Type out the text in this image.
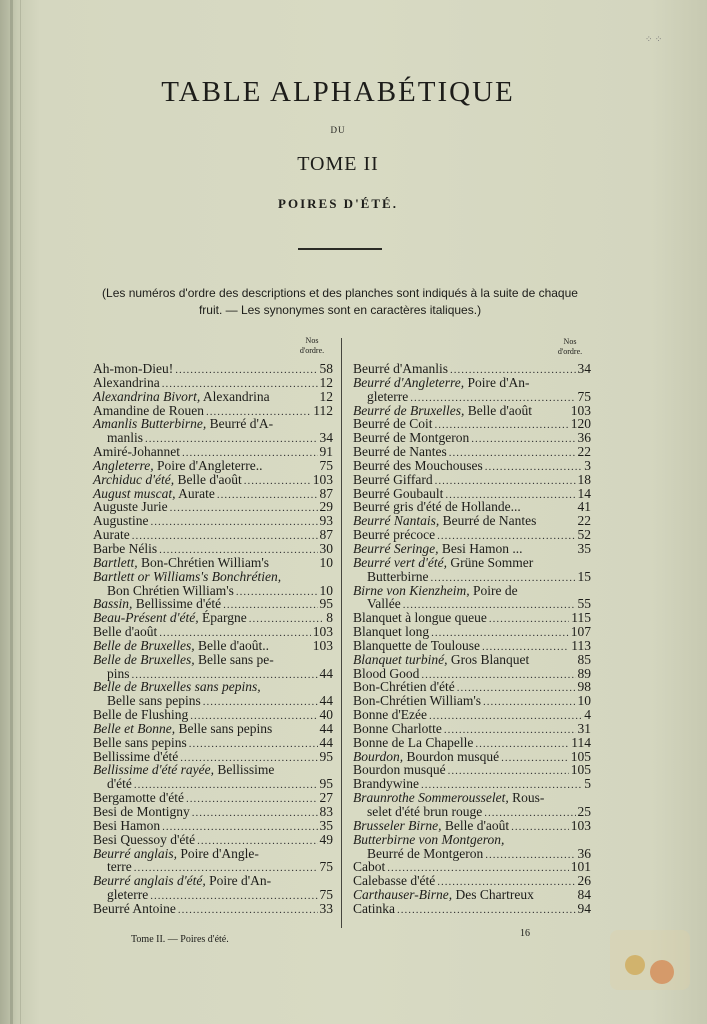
⁘ ⁘
TABLE ALPHABÉTIQUE
DU
TOME II
POIRES D'ÉTÉ.
(Les numéros d'ordre des descriptions et des planches sont indiqués à la suite de chaque fruit. — Les synonymes sont en caractères italiques.)
Nos
d'ordre.
Nos
d'ordre.
Ah-mon-Dieu! .....	58
Alexandrina .....	12
Alexandrina Bivort, Alexandrina	12
Amandine de Rouen .....	112
Amanlis Butterbirne, Beurré d'A-
manlis .....	34
Amiré-Johannet .....	91
Angleterre, Poire d'Angleterre..	75
Archiduc d'été, Belle d'août .....	103
August muscat, Aurate .....	87
Auguste Jurie .....	29
Augustine .....	93
Aurate .....	87
Barbe Nélis .....	30
Bartlett, Bon-Chrétien William's	10
Bartlett or Williams's Bonchrétien,
Bon Chrétien William's .....	10
Bassin, Bellissime d'été .....	95
Beau-Présent d'été, Épargne .....	8
Belle d'août .....	103
Belle de Bruxelles, Belle d'août..	103
Belle de Bruxelles, Belle sans pe-
pins .....	44
Belle de Bruxelles sans pepins,
Belle sans pepins .....	44
Belle de Flushing .....	40
Belle et Bonne, Belle sans pepins	44
Belle sans pepins .....	44
Bellissime d'été .....	95
Bellissime d'été rayée, Bellissime
d'été .....	95
Bergamotte d'été .....	27
Besi de Montigny .....	83
Besi Hamon .....	35
Besi Quessoy d'été .....	49
Beurré anglais, Poire d'Angle-
terre .....	75
Beurré anglais d'été, Poire d'An-
gleterre .....	75
Beurré Antoine .....	33
Beurré d'Amanlis .....	34
Beurré d'Angleterre, Poire d'An-
gleterre .....	75
Beurré de Bruxelles, Belle d'août	103
Beurré de Coit .....	120
Beurré de Montgeron .....	36
Beurré de Nantes .....	22
Beurré des Mouchouses .....	3
Beurré Giffard .....	18
Beurré Goubault .....	14
Beurré gris d'été de Hollande...	41
Beurré Nantais, Beurré de Nantes	22
Beurré précoce .....	52
Beurré Seringe, Besi Hamon ...	35
Beurré vert d'été, Grüne Sommer
Butterbirne .....	15
Birne von Kienzheim, Poire de
Vallée .....	55
Blanquet à longue queue .....	115
Blanquet long .....	107
Blanquette de Toulouse .....	113
Blanquet turbiné, Gros Blanquet	85
Blood Good .....	89
Bon-Chrétien d'été .....	98
Bon-Chrétien William's .....	10
Bonne d'Ezée .....	4
Bonne Charlotte .....	31
Bonne de La Chapelle .....	114
Bourdon, Bourdon musqué .....	105
Bourdon musqué .....	105
Brandywine .....	5
Braunrothe Sommerousselet, Rous-
selet d'été brun rouge .....	25
Brusseler Birne, Belle d'août .....	103
Butterbirne von Montgeron,
Beurré de Montgeron .....	36
Cabot .....	101
Calebasse d'été .....	26
Carthauser-Birne, Des Chartreux	84
Catinka .....	94
Tome II. — Poires d'été.
16
